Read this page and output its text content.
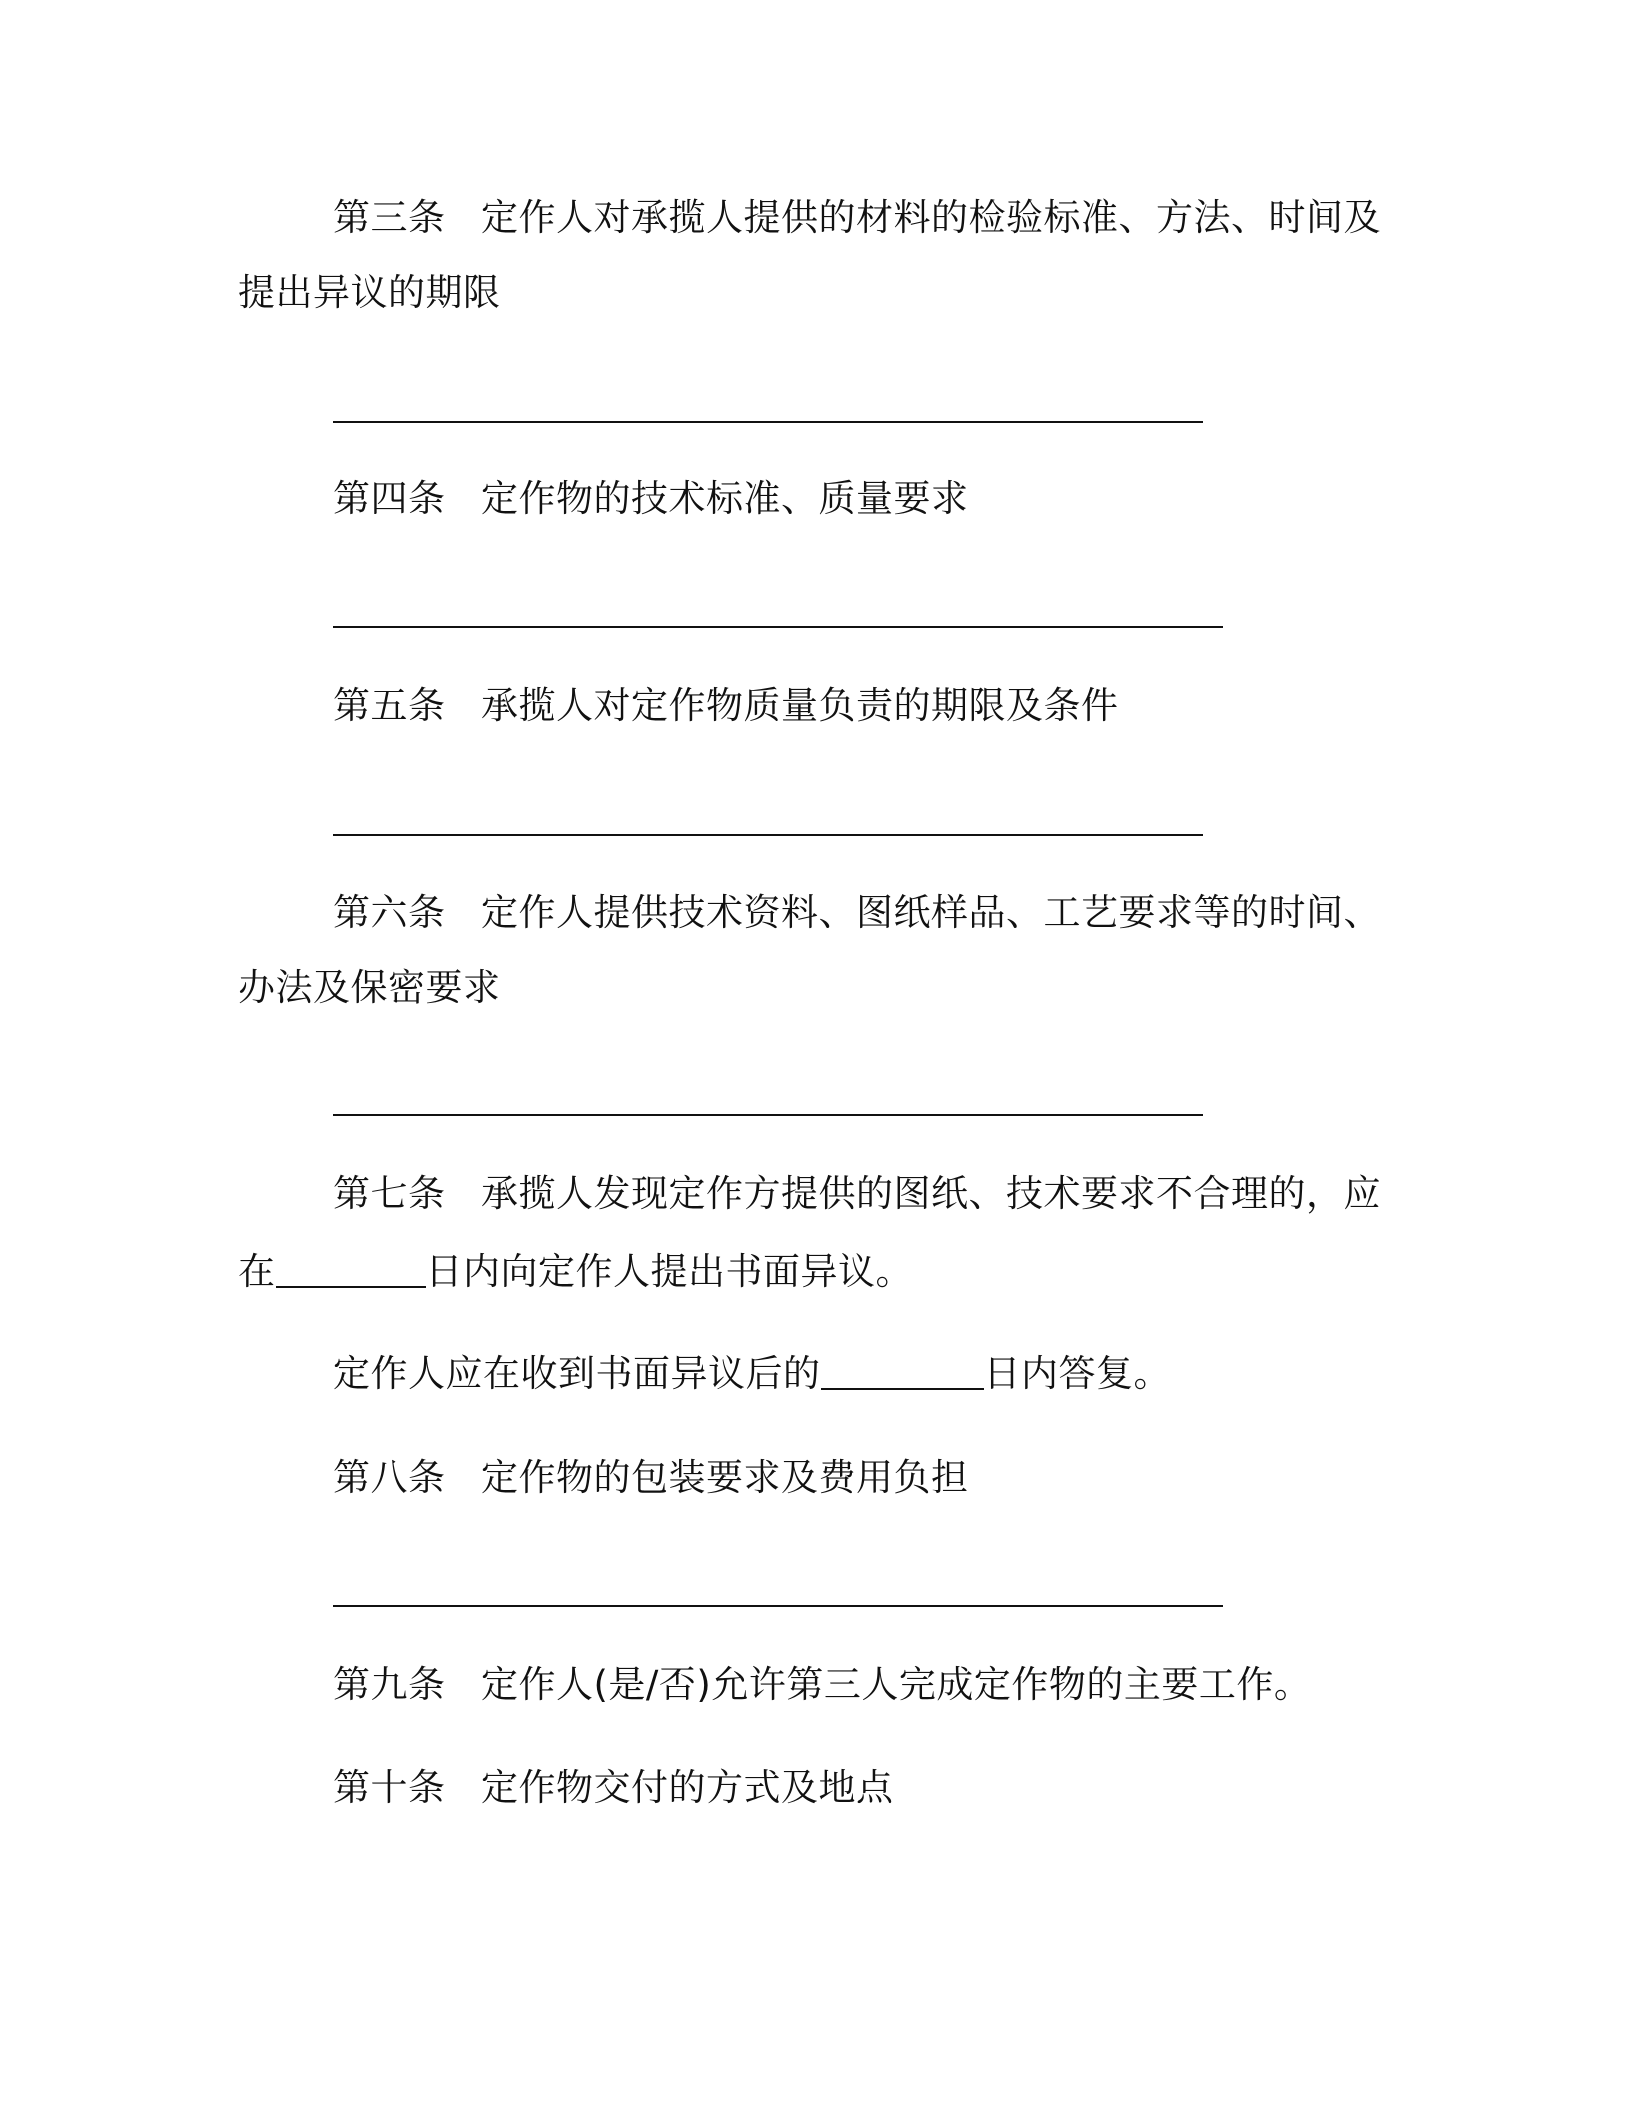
第三条 定作人对承揽人提供的材料的检验标准、方法、时间及
提出异议的期限
第四条 定作物的技术标准、质量要求
第五条 承揽人对定作物质量负责的期限及条件
第六条 定作人提供技术资料、图纸样品、工艺要求等的时间、
办法及保密要求
第七条 承揽人发现定作方提供的图纸、技术要求不合理的，应
在	日内向定作人提出书面异议。
定作人应在收到书面异议后的	日内答复。
第八条 定作物的包装要求及费用负担
第九条 定作人(是/否)允许第三人完成定作物的主要工作。
第十条 定作物交付的方式及地点
